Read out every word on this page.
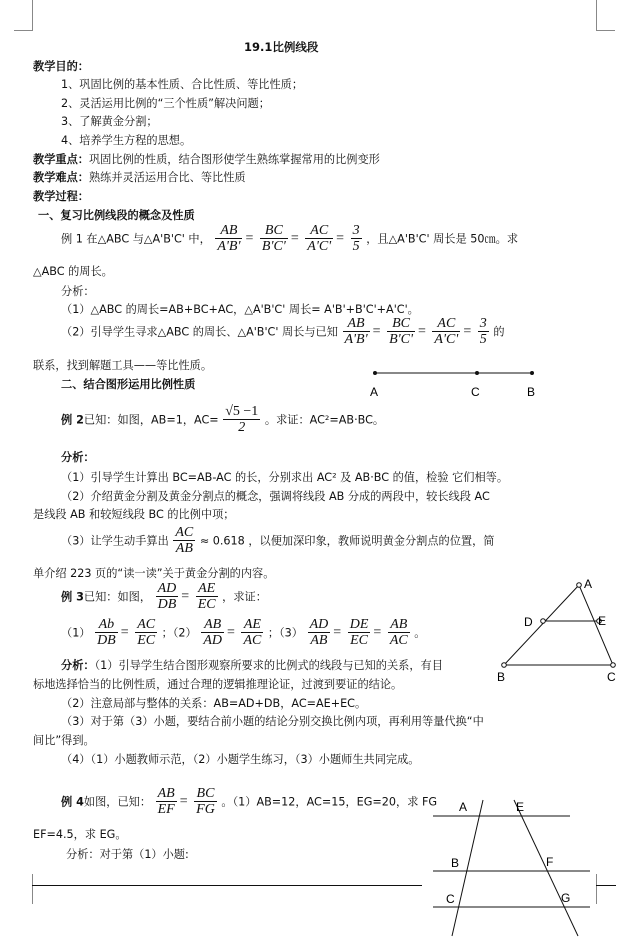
19.1比例线段
教学目的：
1、巩固比例的基本性质、合比性质、等比性质；
2、灵活运用比例的“三个性质”解决问题；
3、了解黄金分割；
4、培养学生方程的思想。
教学重点：巩固比例的性质，结合图形使学生熟练掌握常用的比例变形
教学难点：熟练并灵活运用合比、等比性质
教学过程：
一、复习比例线段的概念及性质
例 1 在△ABC 与△A'B'C' 中， $\frac{AB}{A'B'} = \frac{BC}{B'C'} = \frac{AC}{A'C'} = \frac{3}{5}$ ，且△A'B'C' 周长是 50㎝。求
△ABC 的周长。
分析：
（1）△ABC 的周长=AB+BC+AC，△A'B'C' 周长= A'B'+B'C'+A'C'。
（2）引导学生寻求△ABC 的周长、△A'B'C' 周长与已知 $\frac{AB}{A'B'} = \frac{BC}{B'C'} = \frac{AC}{A'C'} = \frac{3}{5}$ 的
联系，找到解题工具——等比性质。
二、结合图形运用比例性质
A	C	B
例 2已知：如图，AB=1，$AC= \frac{√5 -1}{2}$ 。求证：AC²=AB·BC。
分析：
（1）引导学生计算出 BC=AB-AC 的长，分别求出 AC² 及 AB·BC 的值，检验 它们相等。
（2）介绍黄金分割及黄金分割点的概念，强调将线段 AB 分成的两段中，较长线段 AC
是线段 AB 和较短线段 BC 的比例中项；
（3）让学生动手算出 $\frac{AC}{AB} \approx 0.618$ ，以便加深印象，教师说明黄金分割点的位置，简
单介绍 223 页的“读一读”关于黄金分割的内容。
例 3已知：如图， $\frac{AD}{DB} = \frac{AE}{EC}$ ，求证：
$(1) \frac{Ab}{DB} = \frac{AC}{EC}$ ；$(2) \frac{AB}{AD} = \frac{AE}{AC}$ ；$(3) \frac{AD}{AB} = \frac{DE}{EC} = \frac{AB}{AC}$ 。
分析：（1）引导学生结合图形观察所要求的比例式的线段与已知的关系，有目
标地选择恰当的比例性质，通过合理的逻辑推理论证，过渡到要证的结论。
（2）注意局部与整体的关系：AB=AD+DB，AC=AE+EC。
（3）对于第（3）小题，要结合前小题的结论分别交换比例内项，再利用等量代换“中
间比”得到。
（4）（1）小题教师示范，（2）小题学生练习，（3）小题师生共同完成。
A
D	E
B	C
例 4如图，已知： $\frac{AB}{EF} = \frac{BC}{FG}$ 。（1）AB=12，AC=15，EG=20，求 FG
EF=4.5，求 EG。
分析：对于第（1）小题:
A	E
B	F
C	G
